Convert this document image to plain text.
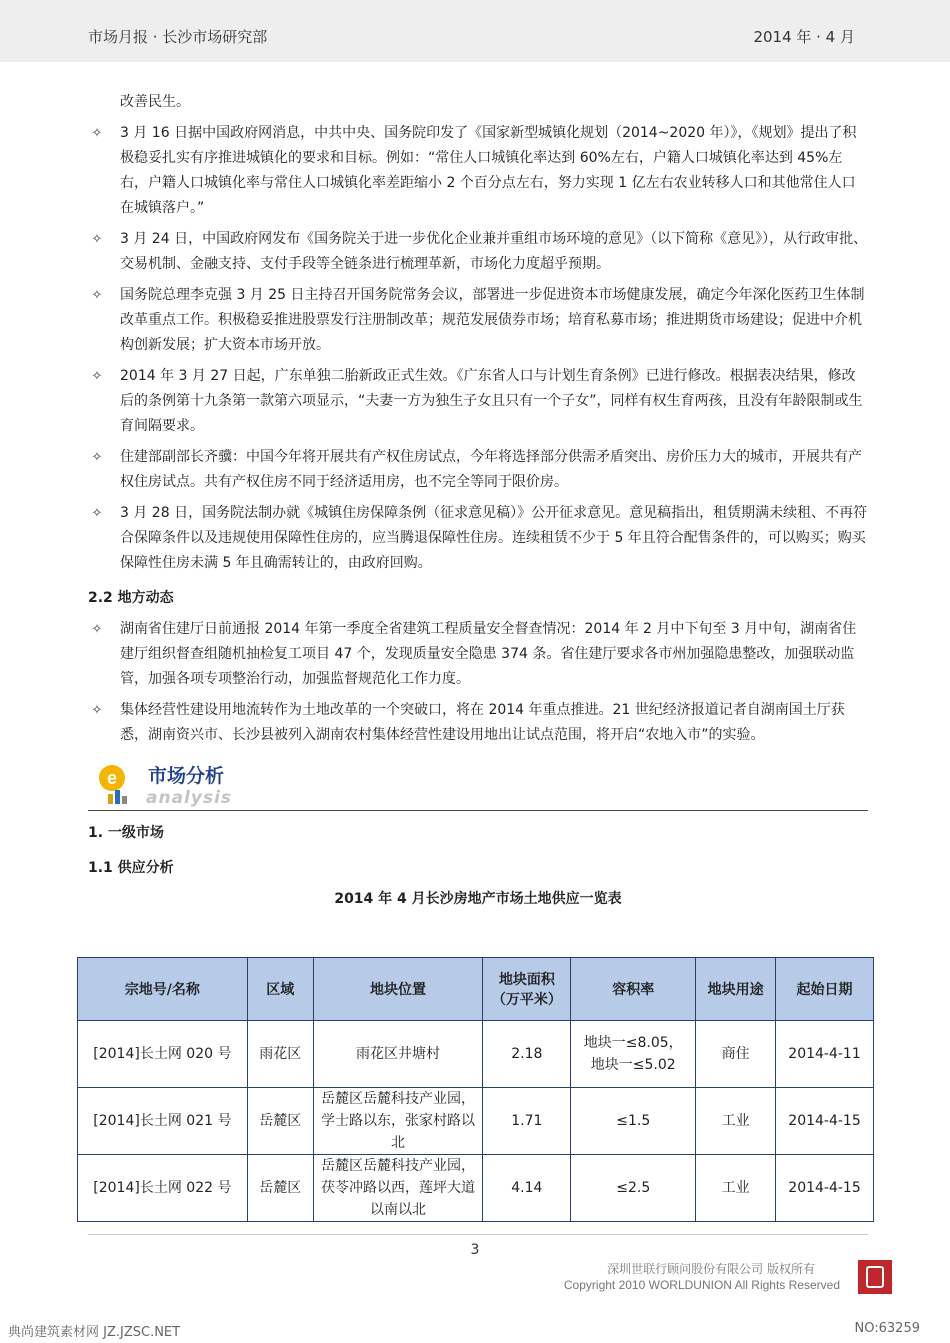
市场月报 · 长沙市场研究部	2014 年 · 4 月
改善民生。
✧ 3 月 16 日据中国政府网消息，中共中央、国务院印发了《国家新型城镇化规划（2014~2020 年）》，《规划》提出了积极稳妥扎实有序推进城镇化的要求和目标。例如：“常住人口城镇化率达到 60%左右，户籍人口城镇化率达到 45%左右，户籍人口城镇化率与常住人口城镇化率差距缩小 2 个百分点左右，努力实现 1 亿左右农业转移人口和其他常住人口在城镇落户。”
✧ 3 月 24 日，中国政府网发布《国务院关于进一步优化企业兼并重组市场环境的意见》（以下简称《意见》），从行政审批、交易机制、金融支持、支付手段等全链条进行梳理革新，市场化力度超乎预期。
✧ 国务院总理李克强 3 月 25 日主持召开国务院常务会议，部署进一步促进资本市场健康发展，确定今年深化医药卫生体制改革重点工作。积极稳妥推进股票发行注册制改革；规范发展债券市场；培育私募市场；推进期货市场建设；促进中介机构创新发展；扩大资本市场开放。
✧ 2014 年 3 月 27 日起，广东单独二胎新政正式生效。《广东省人口与计划生育条例》已进行修改。根据表决结果，修改后的条例第十九条第一款第六项显示，“夫妻一方为独生子女且只有一个子女”，同样有权生育两孩，且没有年龄限制或生育间隔要求。
✧ 住建部副部长齐骥：中国今年将开展共有产权住房试点，今年将选择部分供需矛盾突出、房价压力大的城市，开展共有产权住房试点。共有产权住房不同于经济适用房，也不完全等同于限价房。
✧ 3 月 28 日，国务院法制办就《城镇住房保障条例（征求意见稿）》公开征求意见。意见稿指出，租赁期满未续租、不再符合保障条件以及违规使用保障性住房的，应当腾退保障性住房。连续租赁不少于 5 年且符合配售条件的，可以购买；购买保障性住房未满 5 年且确需转让的，由政府回购。
2.2 地方动态
✧ 湖南省住建厅日前通报 2014 年第一季度全省建筑工程质量安全督查情况：2014 年 2 月中下旬至 3 月中旬，湖南省住建厅组织督查组随机抽检复工项目 47 个，发现质量安全隐患 374 条。省住建厅要求各市州加强隐患整改，加强联动监管，加强各项专项整治行动，加强监督规范化工作力度。
✧ 集体经营性建设用地流转作为土地改革的一个突破口，将在 2014 年重点推进。21 世纪经济报道记者自湖南国土厅获悉，湖南资兴市、长沙县被列入湖南农村集体经营性建设用地出让试点范围，将开启“农地入市”的实验。
e
analysis
市场分析
1. 一级市场
1.1 供应分析
2014 年 4 月长沙房地产市场土地供应一览表
宗地号/名称	区域	地块位置	地块面积（万平米）	容积率	地块用途	起始日期
[2014]长土网 020 号	雨花区	雨花区井塘村	2.18	地块一≤8.05，地块一≤5.02	商住	2014-4-11
[2014]长土网 021 号	岳麓区	岳麓区岳麓科技产业园，学士路以东，张家村路以北	1.71	≤1.5	工业	2014-4-15
[2014]长土网 022 号	岳麓区	岳麓区岳麓科技产业园，茯苓冲路以西，莲坪大道以南以北	4.14	≤2.5	工业	2014-4-15
3
深圳世联行顾问股份有限公司 版权所有
Copyright 2010 WORLDUNION All Rights Reserved
典尚建筑素材网 JZ.JZSC.NET	NO:63259
